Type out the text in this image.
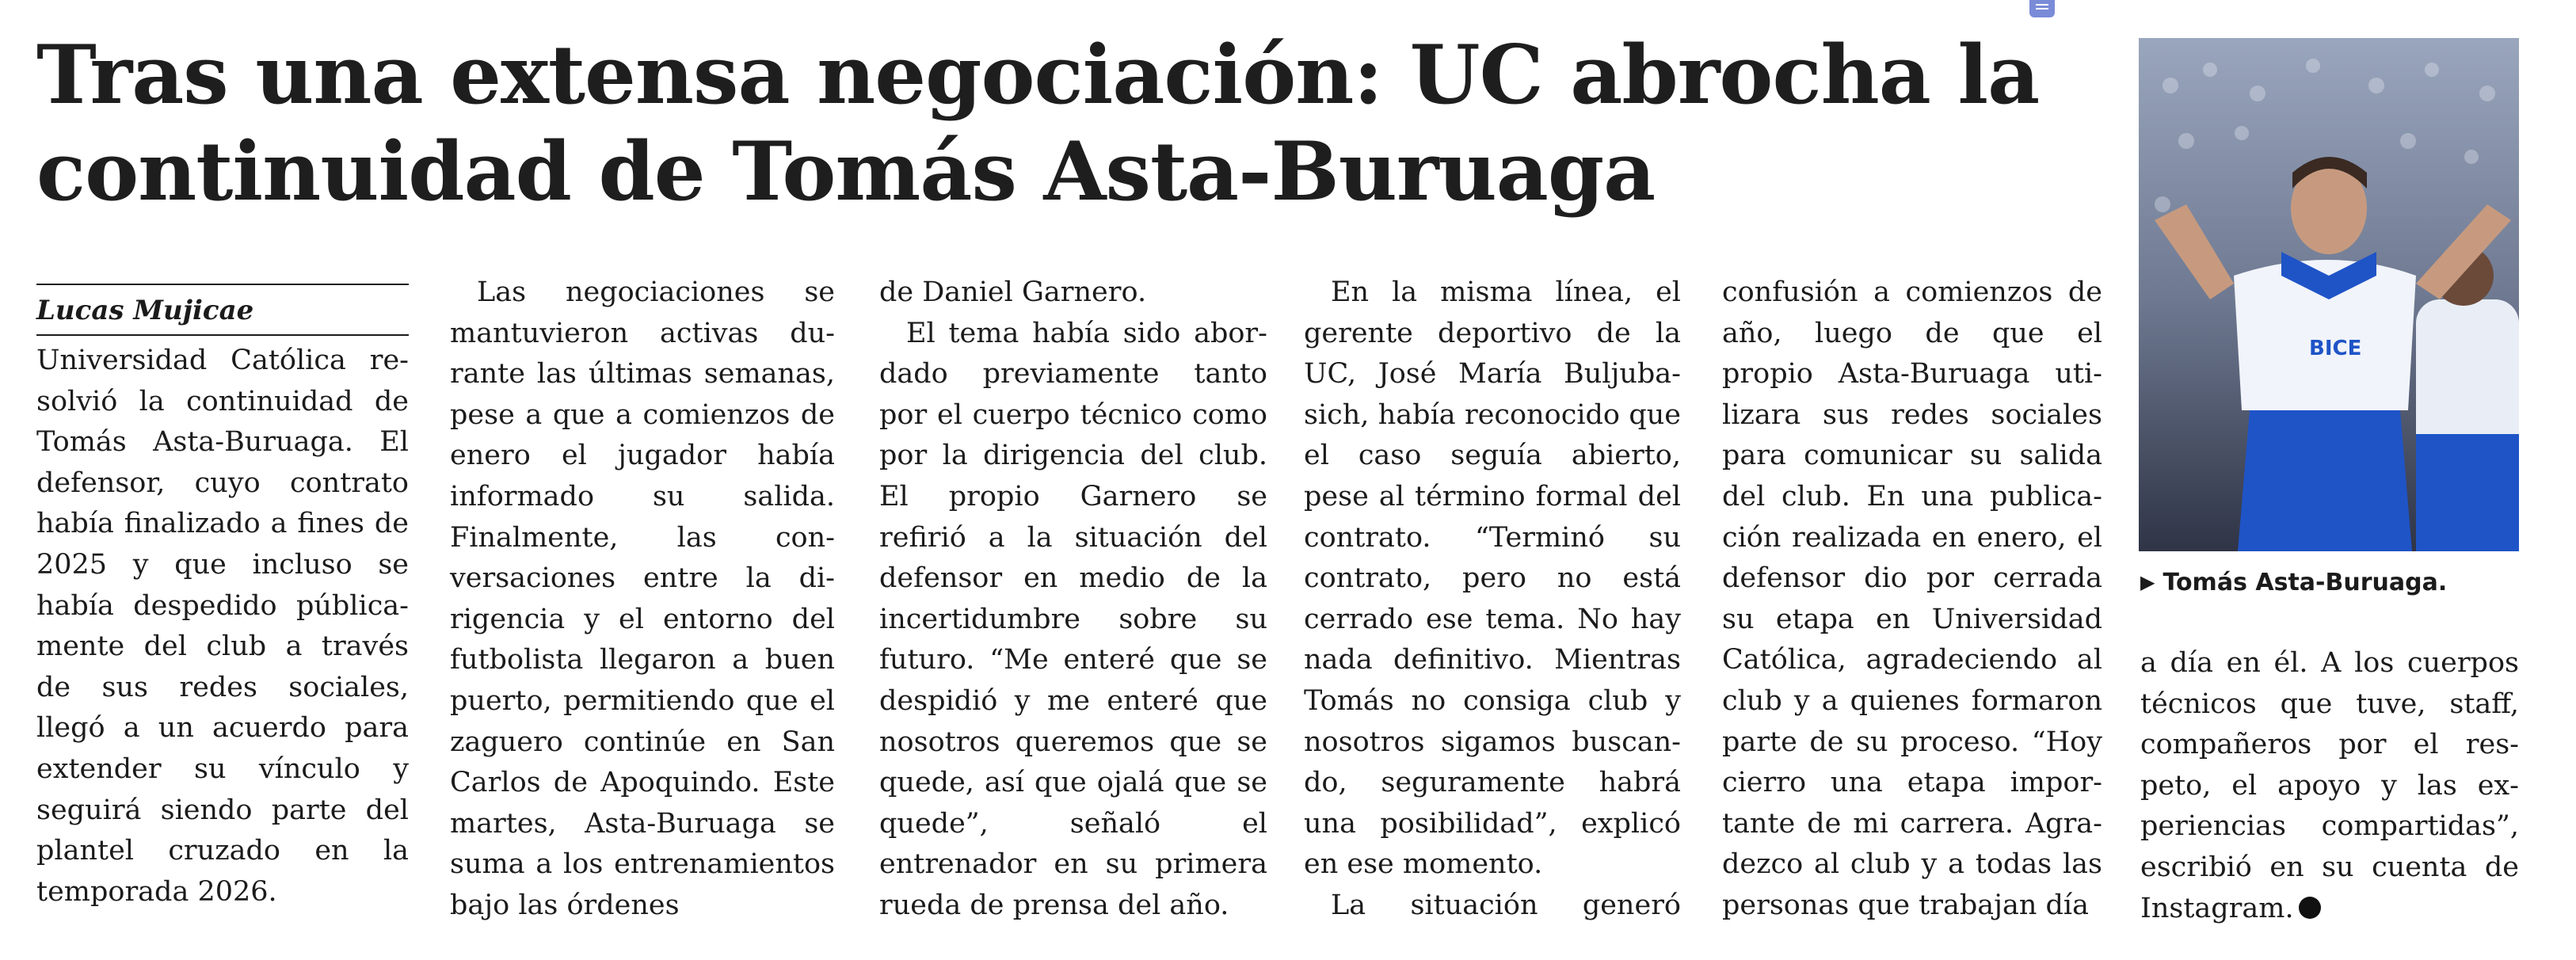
Tras una extensa negociación: UC abrocha la continuidad de Tomás Asta-Buruaga
Lucas Mujicae

Universidad Católica resolvió la continuidad de Tomás Asta-Buruaga. El defensor, cuyo contrato había finalizado a fines de 2025 y que incluso se había despedido públicamente del club a través de sus redes sociales, llegó a un acuerdo para extender su vínculo y seguirá siendo parte del plantel cruzado en la temporada 2026.

Las negociaciones se mantuvieron activas durante las últimas semanas, pese a que a comienzos de enero el jugador había informado su salida. Finalmente, las conversaciones entre la dirigencia y el entorno del futbolista llegaron a buen puerto, permitiendo que el zaguero continúe en San Carlos de Apoquindo. Este martes, Asta-Buruaga se suma a los entrenamientos bajo las órdenes

de Daniel Garnero.

El tema había sido abordado previamente tanto por el cuerpo técnico como por la dirigencia del club. El propio Garnero se refirió a la situación del defensor en medio de la incertidumbre sobre su futuro. “Me enteré que se despidió y me enteré que nosotros queremos que se quede, así que ojalá que se quede”, señaló el entrenador en su primera rueda de prensa del año.

En la misma línea, el gerente deportivo de la UC, José María Buljubasich, había reconocido que el caso seguía abierto, pese al término formal del contrato. “Terminó su contrato, pero no está cerrado ese tema. No hay nada definitivo. Mientras Tomás no consiga club y nosotros sigamos buscando, seguramente habrá una posibilidad”, explicó en ese momento.

La situación generó

confusión a comienzos de año, luego de que el propio Asta-Buruaga utilizara sus redes sociales para comunicar su salida del club. En una publicación realizada en enero, el defensor dio por cerrada su etapa en Universidad Católica, agradeciendo al club y a quienes formaron parte de su proceso. “Hoy cierro una etapa importante de mi carrera. Agradezco al club y a todas las personas que trabajan día

BICE
▶ Tomás Asta-Buruaga.

a día en él. A los cuerpos técnicos que tuve, staff, compañeros por el respeto, el apoyo y las experiencias compartidas”, escribió en su cuenta de Instagram.
